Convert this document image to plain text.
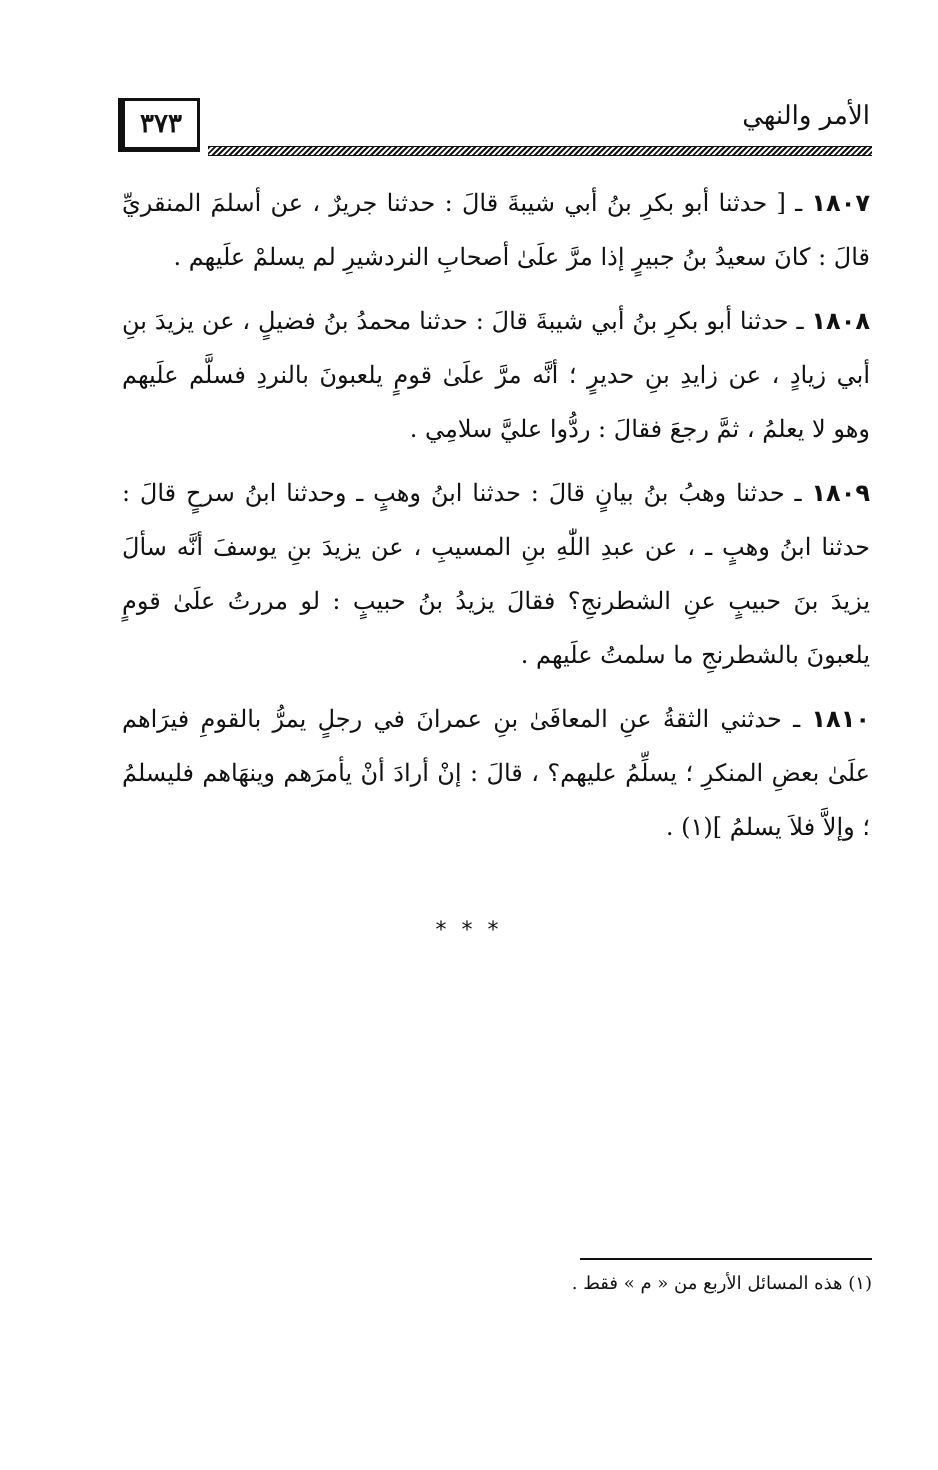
٣٧٣	الأمر والنهي

١٨٠٧ ـ [ حدثنا أبو بكرِ بنُ أبي شيبةَ قالَ : حدثنا جريرٌ ، عن أسلمَ المنقريِّ قالَ : كانَ سعيدُ بنُ جبيرٍ إذا مرَّ علَىٰ أصحابِ النردشيرِ لم يسلمْ علَيهم .

١٨٠٨ ـ حدثنا أبو بكرِ بنُ أبي شيبةَ قالَ : حدثنا محمدُ بنُ فضيلٍ ، عن يزيدَ بنِ أبي زيادٍ ، عن زايدِ بنِ حديرٍ ؛ أنَّه مرَّ علَىٰ قومٍ يلعبونَ بالنردِ فسلَّم علَيهم وهو لا يعلمُ ، ثمَّ رجعَ فقالَ : ردُّوا عليَّ سلامِي .

١٨٠٩ ـ حدثنا وهبُ بنُ بيانٍ قالَ : حدثنا ابنُ وهبٍ ـ وحدثنا ابنُ سرحٍ قالَ : حدثنا ابنُ وهبٍ ـ ، عن عبدِ اللّٰهِ بنِ المسيبِ ، عن يزيدَ بنِ يوسفَ أنَّه سألَ يزيدَ بنَ حبيبٍ عنِ الشطرنجِ؟ فقالَ يزيدُ بنُ حبيبٍ : لو مررتُ علَىٰ قومٍ يلعبونَ بالشطرنجِ ما سلمتُ علَيهم .

١٨١٠ ـ حدثني الثقةُ عنِ المعافَىٰ بنِ عمرانَ في رجلٍ يمرُّ بالقومِ فيرَاهم علَىٰ بعضِ المنكرِ ؛ يسلِّمُ عليهم؟ ، قالَ : إنْ أرادَ أنْ يأمرَهم وينهَاهم فليسلمُ ؛ وإلاَّ فلاَ يسلمُ ](١) .

* * *
(١) هذه المسائل الأربع من « م » فقط .
